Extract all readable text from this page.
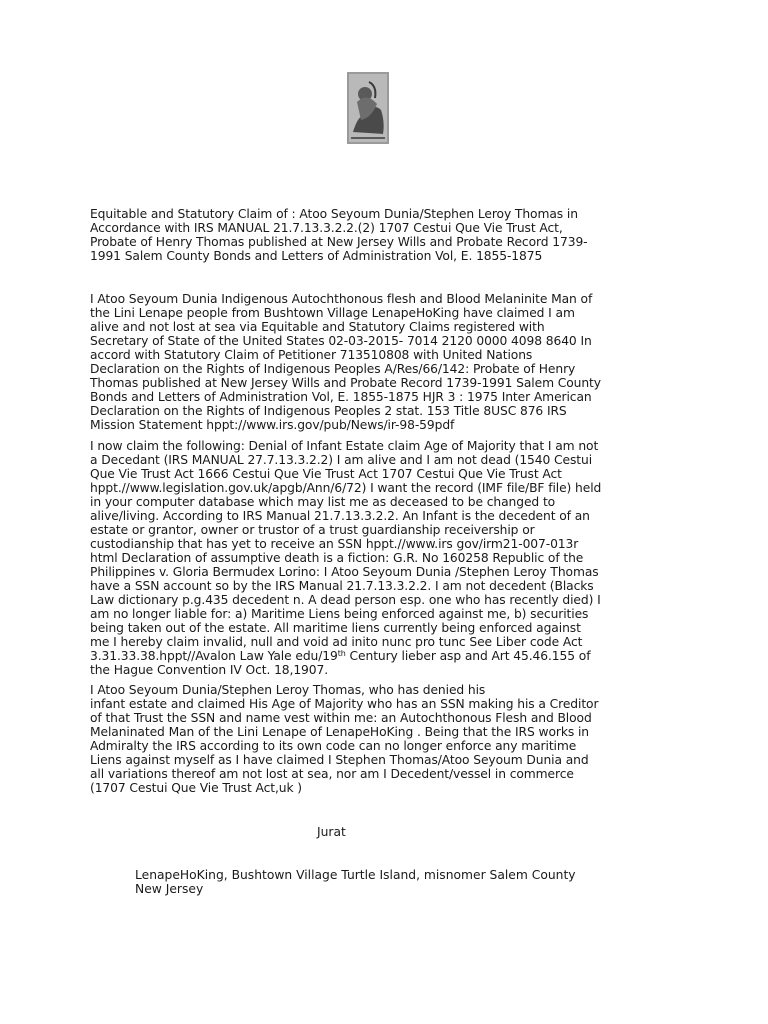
Equitable and Statutory Claim of : Atoo Seyoum Dunia/Stephen Leroy Thomas in
Accordance with IRS MANUAL 21.7.13.3.2.2.(2) 1707 Cestui Que Vie Trust Act,
Probate of Henry Thomas published at New Jersey Wills and Probate Record 1739-
1991 Salem County Bonds and Letters of Administration Vol, E. 1855-1875

I Atoo Seyoum Dunia Indigenous Autochthonous flesh and Blood Melaninite Man of
the Lini Lenape people from Bushtown Village LenapeHoKing have claimed I am
alive and not lost at sea via Equitable and Statutory Claims registered with
Secretary of State of the United States 02-03-2015- 7014 2120 0000 4098 8640 In
accord with Statutory Claim of Petitioner 713510808 with United Nations
Declaration on the Rights of Indigenous Peoples A/Res/66/142: Probate of Henry
Thomas published at New Jersey Wills and Probate Record 1739-1991 Salem County
Bonds and Letters of Administration Vol, E. 1855-1875 HJR 3 : 1975 Inter American
Declaration on the Rights of Indigenous Peoples 2 stat. 153 Title 8USC 876 IRS
Mission Statement hppt://www.irs.gov/pub/News/ir-98-59pdf

I now claim the following: Denial of Infant Estate claim Age of Majority that I am not
a Decedant (IRS MANUAL 27.7.13.3.2.2) I am alive and I am not dead (1540 Cestui
Que Vie Trust Act 1666 Cestui Que Vie Trust Act 1707 Cestui Que Vie Trust Act
hppt.//www.legislation.gov.uk/apgb/Ann/6/72) I want the record (IMF file/BF file) held
in your computer database which may list me as deceased to be changed to
alive/living. According to IRS Manual 21.7.13.3.2.2. An Infant is the decedent of an
estate or grantor, owner or trustor of a trust guardianship receivership or
custodianship that has yet to receive an SSN hppt.//www.irs gov/irm21-007-013r
html Declaration of assumptive death is a fiction: G.R. No 160258 Republic of the
Philippines v. Gloria Bermudex Lorino: I Atoo Seyoum Dunia /Stephen Leroy Thomas
have a SSN account so by the IRS Manual 21.7.13.3.2.2. I am not decedent (Blacks
Law dictionary p.g.435 decedent n. A dead person esp. one who has recently died) I
am no longer liable for: a) Maritime Liens being enforced against me, b) securities
being taken out of the estate. All maritime liens currently being enforced against
me I hereby claim invalid, null and void ad inito nunc pro tunc See Liber code Act
3.31.33.38.hppt//Avalon Law Yale edu/19th Century lieber asp and Art 45.46.155 of
the Hague Convention IV Oct. 18,1907.

I Atoo Seyoum Dunia/Stephen Leroy Thomas, who has denied his
infant estate and claimed His Age of Majority who has an SSN making his a Creditor
of that Trust the SSN and name vest within me: an Autochthonous Flesh and Blood
Melaninated Man of the Lini Lenape of LenapeHoKing . Being that the IRS works in
Admiralty the IRS according to its own code can no longer enforce any maritime
Liens against myself as I have claimed I Stephen Thomas/Atoo Seyoum Dunia and
all variations thereof am not lost at sea, nor am I Decedent/vessel in commerce
(1707 Cestui Que Vie Trust Act,uk )

Jurat
LenapeHoKing, Bushtown Village Turtle Island, misnomer Salem County
New Jersey
